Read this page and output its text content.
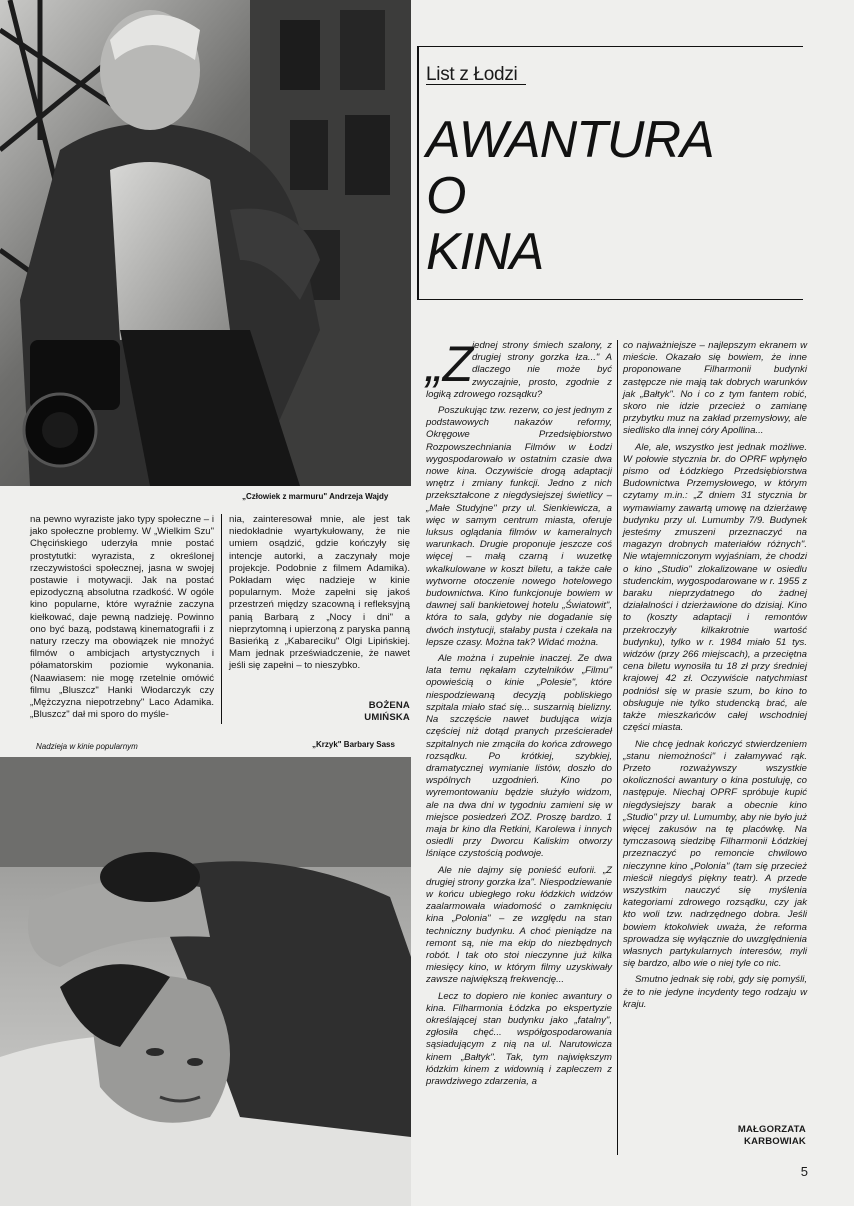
„Człowiek z marmuru" Andrzeja Wajdy

na pewno wyraziste jako typy społeczne – i jako społeczne problemy. W „Wielkim Szu" Chęcińskiego uderzyła mnie postać prostytutki: wyrazista, z określonej rzeczywistości społecznej, jasna w swojej postawie i motywacji. Jak na postać epizodyczną absolutna rzadkość. W ogóle kino popularne, które wyraźnie zaczyna kiełkować, daje pewną nadzieję. Powinno ono być bazą, podstawą kinematografii i z natury rzeczy ma obowiązek nie mnożyć filmów o ambicjach artystycznych i półamatorskim poziomie wykonania. (Naawiasem: nie mogę rzetelnie omówić filmu „Bluszcz" Hanki Włodarczyk czy „Mężczyzna niepotrzebny" Laco Adamika. „Bluszcz" dał mi sporo do myśle-

nia, zainteresował mnie, ale jest tak niedokładnie wyartykułowany, że nie umiem osądzić, gdzie kończyły się intencje autorki, a zaczynały moje projekcje. Podobnie z filmem Adamika). Pokładam więc nadzieje w kinie popularnym. Może zapełni się jakoś przestrzeń między szacowną i refleksyjną panią Barbarą z „Nocy i dni" a nieprzytomną i upierzoną z paryska panną Basieńką z „Kabareciku" Olgi Lipińskiej. Mam jednak przeświadczenie, że nawet jeśli się zapełni – to nieszybko.

BOŻENA
UMIŃSKA
Nadzieja w kinie popularnym	„Krzyk" Barbary Sass
List z Łodzi
AWANTURA
O
KINA

„Z
jednej strony śmiech szalony, z drugiej strony gorzka łza..." A dlaczego nie może być zwyczajnie, prosto, zgodnie z logiką zdrowego rozsądku?

Poszukując tzw. rezerw, co jest jednym z podstawowych nakazów reformy, Okręgowe Przedsiębiorstwo Rozpowszechniania Filmów w Łodzi wygospodarowało w ostatnim czasie dwa nowe kina. Oczywiście drogą adaptacji wnętrz i zmiany funkcji. Jedno z nich przekształcone z niegdysiejszej świetlicy – „Małe Studyjne" przy ul. Sienkiewicza, a więc w samym centrum miasta, oferuje luksus oglądania filmów w kameralnych warunkach. Drugie proponuje jeszcze coś więcej – małą czarną i wuzetkę wkalkulowane w koszt biletu, a także całe wytworne otoczenie nowego hotelowego budownictwa. Kino funkcjonuje bowiem w dawnej sali bankietowej hotelu „Światowit", która to sala, gdyby nie dogadanie się dwóch instytucji, stałaby pusta i czekała na lepsze czasy. Można tak? Widać można.

Ale można i zupełnie inaczej. Ze dwa lata temu nękałam czytelników „Filmu" opowieścią o kinie „Polesie", które niespodziewaną decyzją pobliskiego szpitala miało stać się... suszarnią bielizny. Na szczęście nawet budująca wizja częściej niż dotąd pranych prześcieradeł szpitalnych nie zmąciła do końca zdrowego rozsądku. Po krótkiej, szybkiej, dramatycznej wymianie listów, doszło do wspólnych uzgodnień. Kino po wyremontowaniu będzie służyło widzom, ale na dwa dni w tygodniu zamieni się w miejsce posiedzeń ZOZ. Proszę bardzo. 1 maja br kino dla Retkini, Karolewa i innych osiedli przy Dworcu Kaliskim otworzy lśniące czystością podwoje.

Ale nie dajmy się ponieść euforii. „Z drugiej strony gorzka łza". Niespodziewanie w końcu ubiegłego roku łódzkich widzów zaalarmowała wiadomość o zamknięciu kina „Polonia" – ze względu na stan techniczny budynku. A choć pieniądze na remont są, nie ma ekip do niezbędnych robót. I tak oto stoi nieczynne już kilka miesięcy kino, w którym filmy uzyskiwały zawsze największą frekwencję...

Lecz to dopiero nie koniec awantury o kina. Filharmonia Łódzka po ekspertyzie określającej stan budynku jako „fatalny", zgłosiła chęć... współgospodarowania sąsiadującym z nią na ul. Narutowicza kinem „Bałtyk". Tak, tym największym łódzkim kinem z widownią i zapleczem z prawdziwego zdarzenia, a

co najważniejsze – najlepszym ekranem w mieście. Okazało się bowiem, że inne proponowane Filharmonii budynki zastępcze nie mają tak dobrych warunków jak „Bałtyk". No i co z tym fantem robić, skoro nie idzie przecież o zamianę przybytku muz na zakład przemysłowy, ale siedlisko dla innej córy Apollina...

Ale, ale, wszystko jest jednak możliwe. W połowie stycznia br. do OPRF wpłynęło pismo od Łódzkiego Przedsiębiorstwa Budownictwa Przemysłowego, w którym czytamy m.in.: „Z dniem 31 stycznia br wymawiamy zawartą umowę na dzierżawę budynku przy ul. Lumumby 7/9. Budynek jesteśmy zmuszeni przeznaczyć na magazyn drobnych materiałów różnych". Nie wtajemniczonym wyjaśniam, że chodzi o kino „Studio" zlokalizowane w osiedlu studenckim, wygospodarowane w r. 1955 z baraku nieprzydatnego do żadnej działalności i dzierżawione do dzisiaj. Kino to (koszty adaptacji i remontów przekroczyły kilkakrotnie wartość budynku), tylko w r. 1984 miało 51 tys. widzów (przy 266 miejscach), a przeciętna cena biletu wynosiła tu 18 zł przy średniej krajowej 42 zł. Oczywiście natychmiast podniósł się w prasie szum, bo kino to obsługuje nie tylko studencką brać, ale także mieszkańców całej wschodniej części miasta.

Nie chcę jednak kończyć stwierdzeniem „stanu niemożności" i załamywać rąk. Przeto rozważywszy wszystkie okoliczności awantury o kina postuluję, co następuje. Niechaj OPRF spróbuje kupić niegdysiejszy barak a obecnie kino „Studio" przy ul. Lumumby, aby nie było już więcej zakusów na tę placówkę. Na tymczasową siedzibę Filharmonii Łódzkiej przeznaczyć po remoncie chwilowo nieczynne kino „Polonia" (tam się przecież mieścił niegdyś piękny teatr). A przede wszystkim nauczyć się myślenia kategoriami zdrowego rozsądku, czy jak kto woli tzw. nadrzędnego dobra. Jeśli bowiem ktokolwiek uważa, że reforma sprowadza się wyłącznie do uwzględnienia własnych partykularnych interesów, myli się bardzo, albo wie o niej tyle co nic.

Smutno jednak się robi, gdy się pomyśli, że to nie jedyne incydenty tego rodzaju w kraju.

MAŁGORZATA
KARBOWIAK
5
